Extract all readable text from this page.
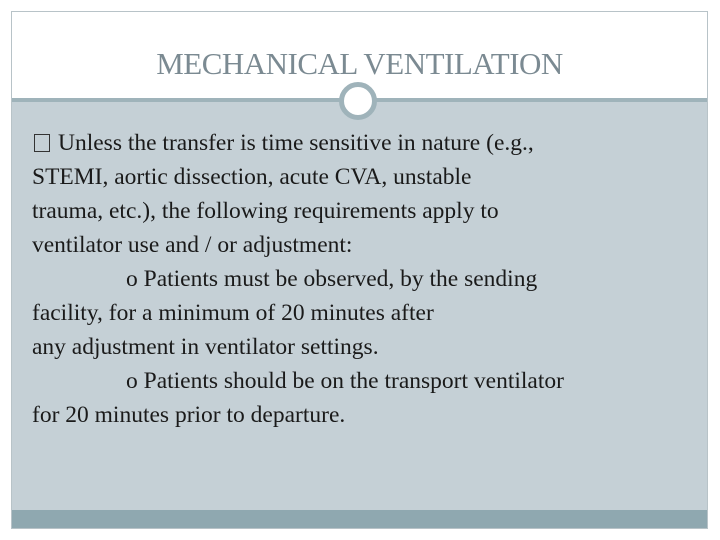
MECHANICAL VENTILATION
Unless the transfer is time sensitive in nature (e.g.,
STEMI, aortic dissection, acute CVA, unstable
trauma, etc.), the following requirements apply to
ventilator use and / or adjustment:
o Patients must be observed, by the sending
facility, for a minimum of 20 minutes after
any adjustment in ventilator settings.
o Patients should be on the transport ventilator
for 20 minutes prior to departure.
